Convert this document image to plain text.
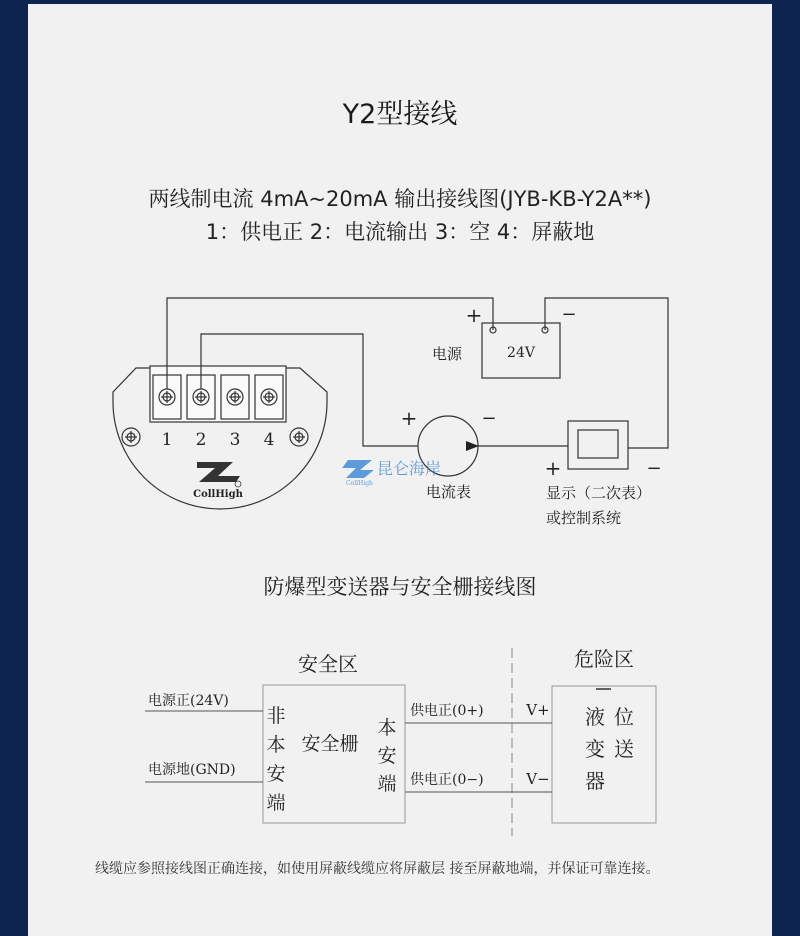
Y2型接线
两线制电流 4mA~20mA 输出接线图(JYB-KB-Y2A**)
1：供电正 2：电流输出 3：空 4：屏蔽地
CollHigh
1 2 3 4
+	−
电源	24V
+	−
电流表
+	−
显示（二次表）
或控制系统
昆仑海岸
CollHigh
防爆型变送器与安全栅接线图
安全区	危险区
电源正(24V)
电源地(GND)
非
本
安
端
安全栅
本
安
端
供电正(0+)
供电正(0−)
V+
V−
液
变
器
位
送
线缆应参照接线图正确连接，如使用屏蔽线缆应将屏蔽层 接至屏蔽地端，并保证可靠连接。
